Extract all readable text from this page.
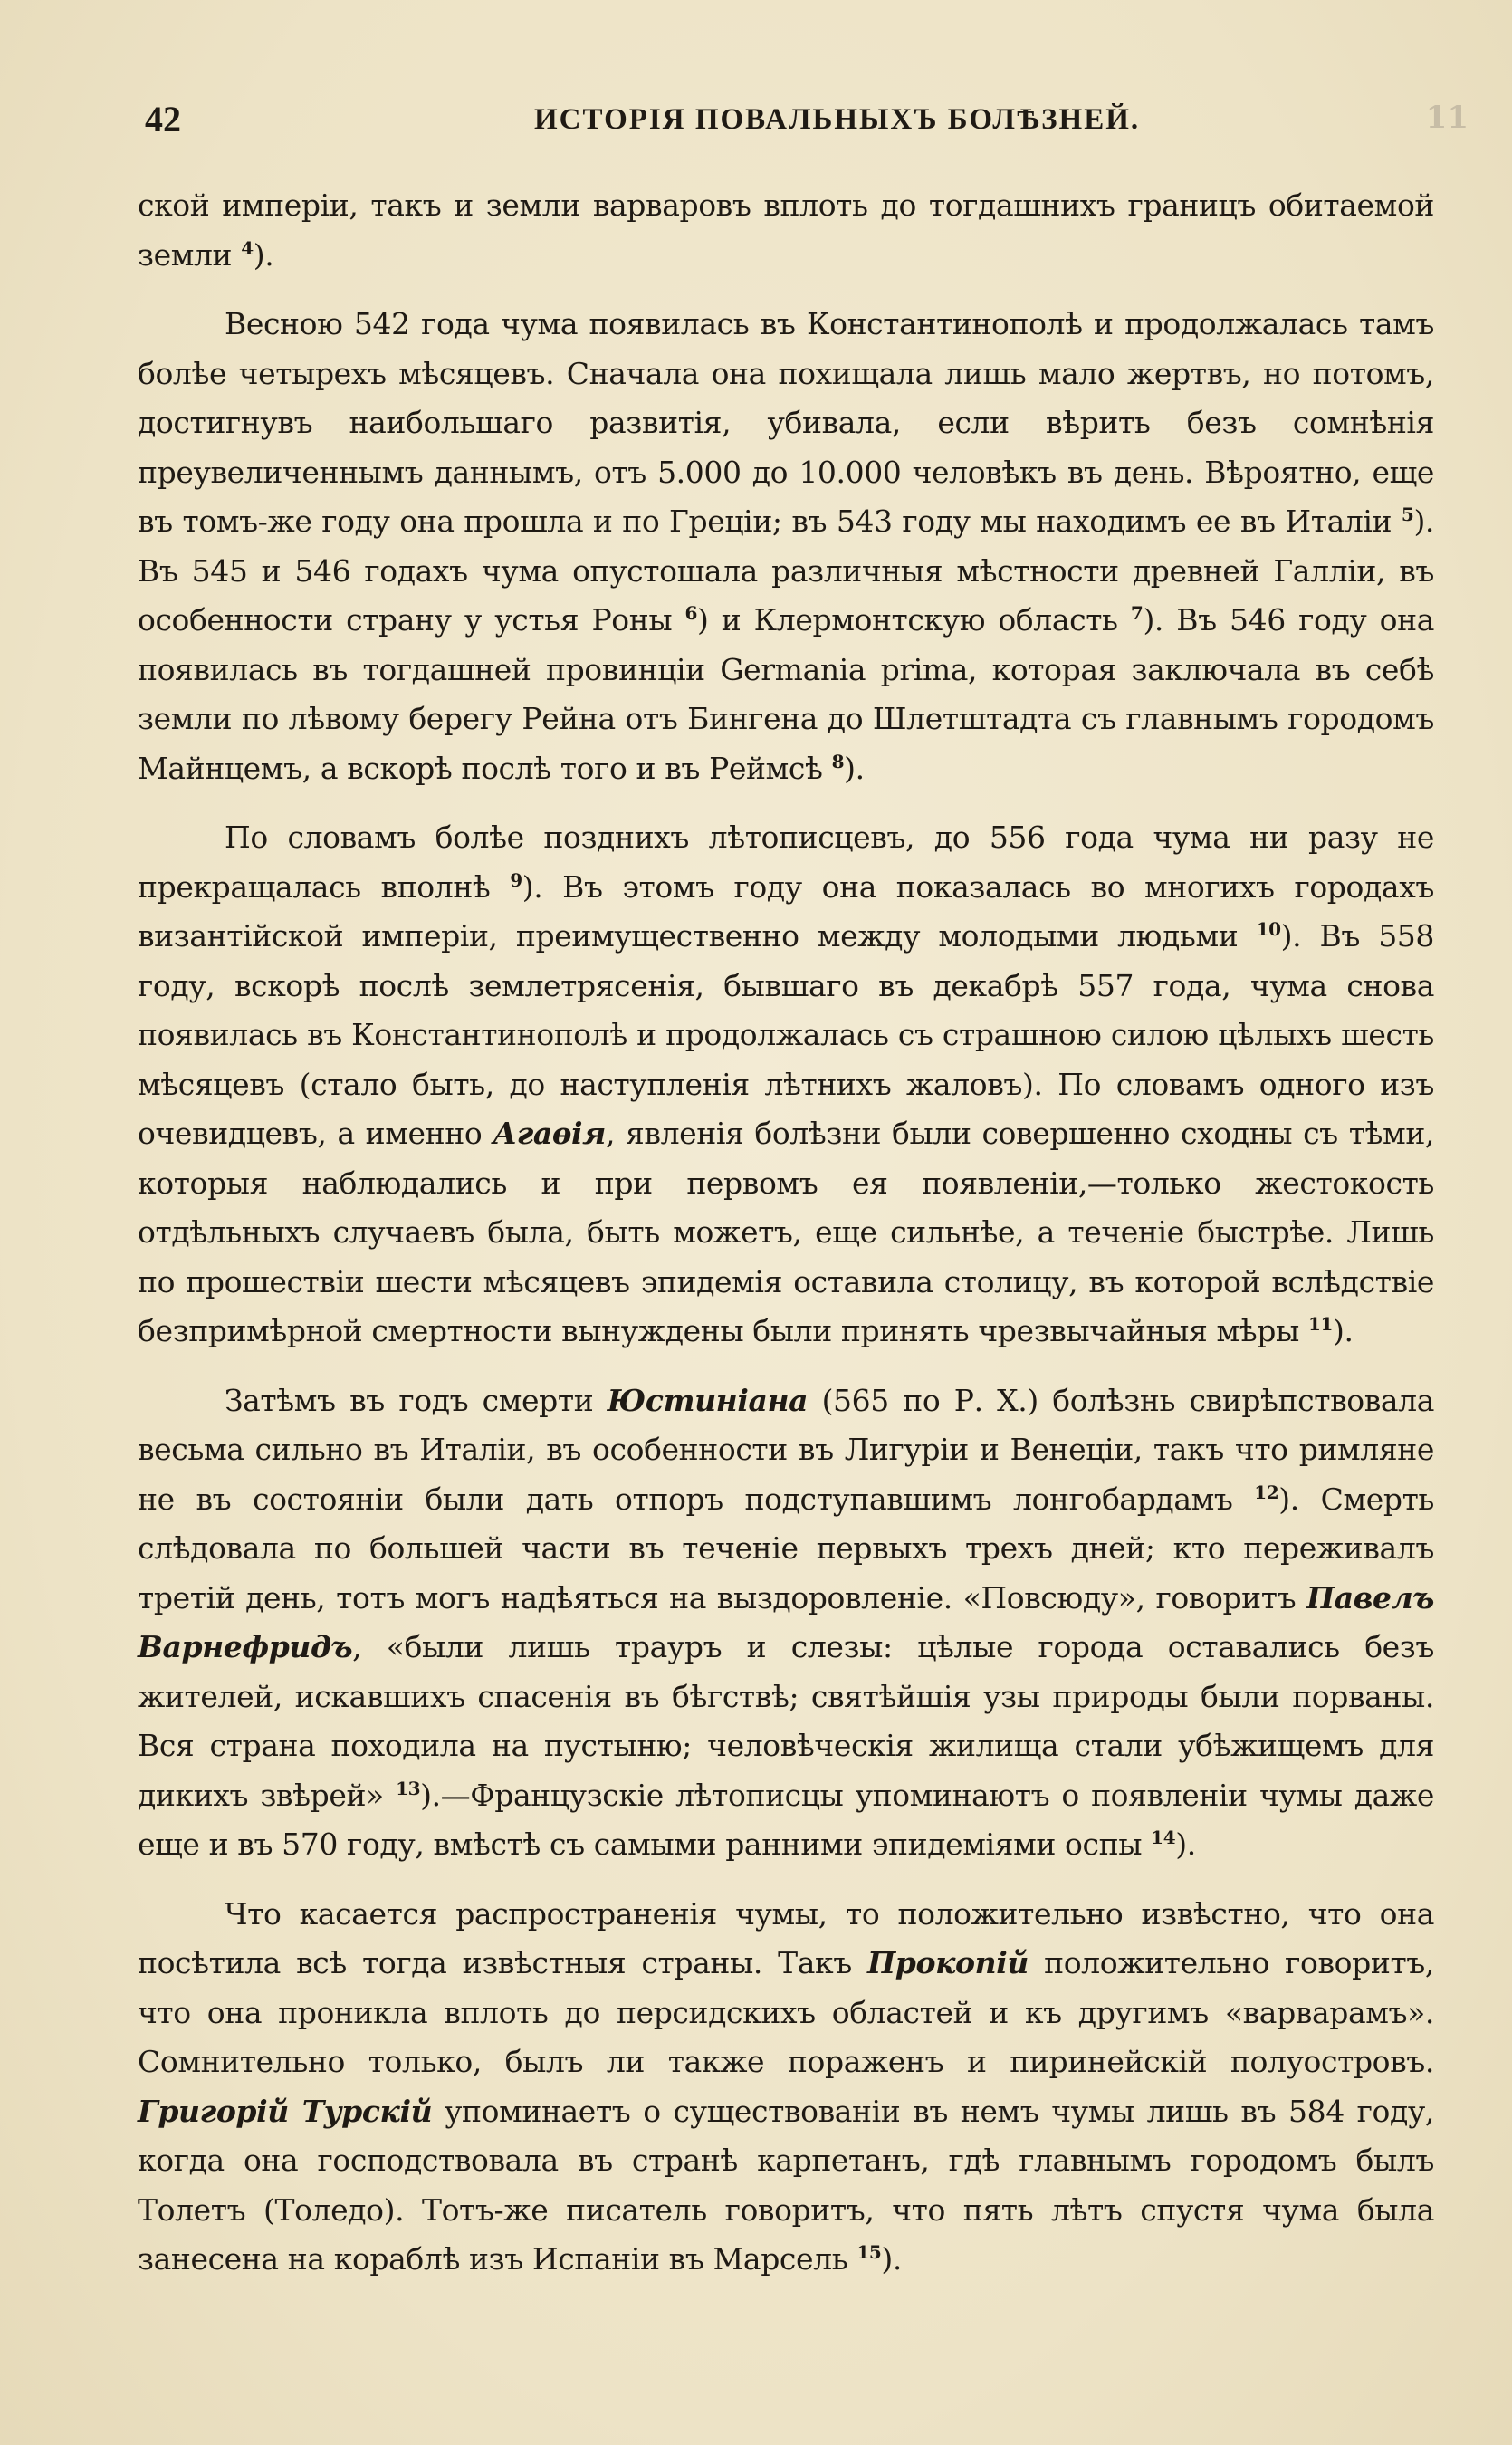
42	ИСТОРІЯ ПОВАЛЬНЫХЪ БОЛѢЗНЕЙ.	11

ской имперіи, такъ и земли варваровъ вплоть до тогдашнихъ границъ обитаемой земли $^4$).

Весною 542 года чума появилась въ Константинополѣ и продолжалась тамъ болѣе четырехъ мѣсяцевъ. Сначала она похищала лишь мало жертвъ, но потомъ, достигнувъ наибольшаго развитія, убивала, если вѣрить безъ сомнѣнія преувеличеннымъ даннымъ, отъ 5.000 до 10.000 человѣкъ въ день. Вѣроятно, еще въ томъ-же году она прошла и по Греціи; въ 543 году мы находимъ ее въ Италіи $^5$). Въ 545 и 546 годахъ чума опустошала различныя мѣстности древней Галліи, въ особенности страну у устья Роны $^6$) и Клермонтскую область $^7$). Въ 546 году она появилась въ тогдашней провинціи Germania prima, которая заключала въ себѣ земли по лѣвому берегу Рейна отъ Бингена до Шлетштадта съ главнымъ городомъ Майнцемъ, а вскорѣ послѣ того и въ Реймсѣ $^8$).

По словамъ болѣе позднихъ лѣтописцевъ, до 556 года чума ни разу не прекращалась вполнѣ $^9$). Въ этомъ году она показалась во многихъ городахъ византійской имперіи, преимущественно между молодыми людьми $^{10}$). Въ 558 году, вскорѣ послѣ землетрясенія, бывшаго въ декабрѣ 557 года, чума снова появилась въ Константинополѣ и продолжалась съ страшною силою цѣлыхъ шесть мѣсяцевъ (стало быть, до наступленія лѣтнихъ жаловъ). По словамъ одного изъ очевидцевъ, а именно Агаѳія, явленія болѣзни были совершенно сходны съ тѣми, которыя наблюдались и при первомъ ея появленіи,—только жестокость отдѣльныхъ случаевъ была, быть можетъ, еще сильнѣе, а теченіе быстрѣе. Лишь по прошествіи шести мѣсяцевъ эпидемія оставила столицу, въ которой вслѣдствіе безпримѣрной смертности вынуждены были принять чрезвычайныя мѣры $^{11}$).

Затѣмъ въ годъ смерти Юстиніана (565 по Р. Х.) болѣзнь свирѣпствовала весьма сильно въ Италіи, въ особенности въ Лигуріи и Венеціи, такъ что римляне не въ состояніи были дать отпоръ подступавшимъ лонгобардамъ $^{12}$). Смерть слѣдовала по большей части въ теченіе первыхъ трехъ дней; кто переживалъ третій день, тотъ могъ надѣяться на выздоровленіе. «Повсюду», говоритъ Павелъ Варнефридъ, «были лишь трауръ и слезы: цѣлые города оставались безъ жителей, искавшихъ спасенія въ бѣгствѣ; святѣйшія узы природы были порваны. Вся страна походила на пустыню; человѣческія жилища стали убѣжищемъ для дикихъ звѣрей» $^{13}$).—Французскіе лѣтописцы упоминаютъ о появленіи чумы даже еще и въ 570 году, вмѣстѣ съ самыми ранними эпидеміями оспы $^{14}$).

Что касается распространенія чумы, то положительно извѣстно, что она посѣтила всѣ тогда извѣстныя страны. Такъ Прокопій положительно говоритъ, что она проникла вплоть до персидскихъ областей и къ другимъ «варварамъ». Сомнительно только, былъ ли также пораженъ и пиринейскій полуостровъ. Григорій Турскій упоминаетъ о существованіи въ немъ чумы лишь въ 584 году, когда она господствовала въ странѣ карпетанъ, гдѣ главнымъ городомъ былъ Толетъ (Толедо). Тотъ-же писатель говоритъ, что пять лѣтъ спустя чума была занесена на кораблѣ изъ Испаніи въ Марсель $^{15}$).
